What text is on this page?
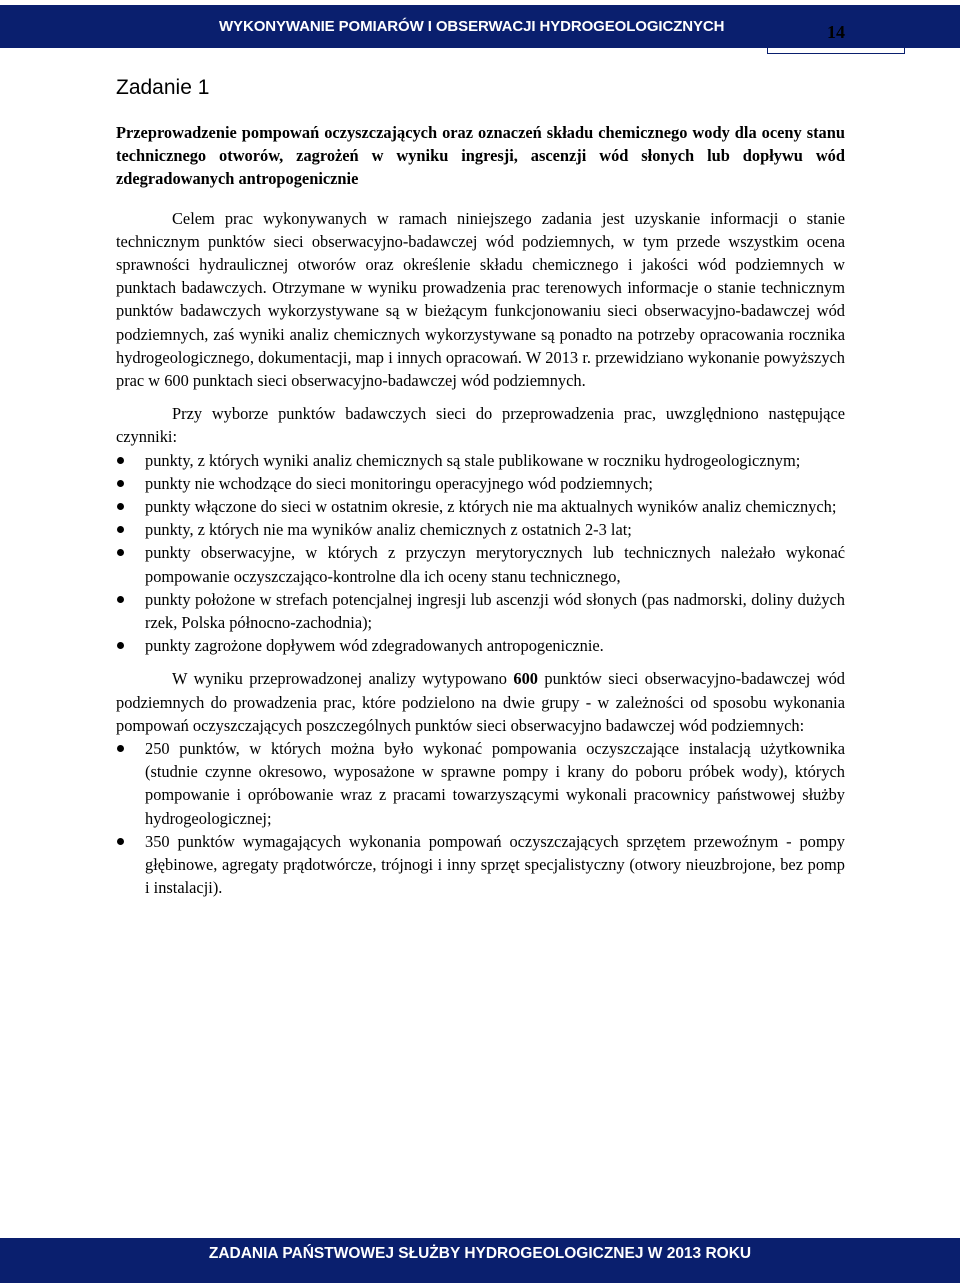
WYKONYWANIE POMIARÓW I OBSERWACJI HYDROGEOLOGICZNYCH	14
Zadanie 1

Przeprowadzenie pompowań oczyszczających oraz oznaczeń składu chemicznego wody dla oceny stanu technicznego otworów, zagrożeń w wyniku ingresji, ascenzji wód słonych lub dopływu wód zdegradowanych antropogenicznie

Celem prac wykonywanych w ramach niniejszego zadania jest uzyskanie informacji o stanie technicznym punktów sieci obserwacyjno-badawczej wód podziemnych, w tym przede wszystkim ocena sprawności hydraulicznej otworów oraz określenie składu chemicznego i jakości wód podziemnych w punktach badawczych. Otrzymane w wyniku prowadzenia prac terenowych informacje o stanie technicznym punktów badawczych wykorzystywane są w bieżącym funkcjonowaniu sieci obserwacyjno-badawczej wód podziemnych, zaś wyniki analiz chemicznych wykorzystywane są ponadto na potrzeby opracowania rocznika hydrogeologicznego, dokumentacji, map i innych opracowań. W 2013 r. przewidziano wykonanie powyższych prac w 600 punktach sieci obserwacyjno-badawczej wód podziemnych.

Przy wyborze punktów badawczych sieci do przeprowadzenia prac, uwzględniono następujące czynniki:

punkty, z których wyniki analiz chemicznych są stale publikowane w roczniku hydrogeologicznym;
punkty nie wchodzące do sieci monitoringu operacyjnego wód podziemnych;
punkty włączone do sieci w ostatnim okresie, z których nie ma aktualnych wyników analiz chemicznych;
punkty, z których nie ma wyników analiz chemicznych z ostatnich 2-3 lat;
punkty obserwacyjne, w których z przyczyn merytorycznych lub technicznych należało wykonać pompowanie oczyszczająco-kontrolne dla ich oceny stanu technicznego,
punkty położone w strefach potencjalnej ingresji lub ascenzji wód słonych (pas nadmorski, doliny dużych rzek, Polska północno-zachodnia);
punkty zagrożone dopływem wód zdegradowanych antropogenicznie.

W wyniku przeprowadzonej analizy wytypowano 600 punktów sieci obserwacyjno-badawczej wód podziemnych do prowadzenia prac, które podzielono na dwie grupy - w zależności od sposobu wykonania pompowań oczyszczających poszczególnych punktów sieci obserwacyjno badawczej wód podziemnych:

250 punktów, w których można było wykonać pompowania oczyszczające instalacją użytkownika (studnie czynne okresowo, wyposażone w sprawne pompy i krany do poboru próbek wody), których pompowanie i opróbowanie wraz z pracami towarzyszącymi wykonali pracownicy państwowej służby hydrogeologicznej;
350 punktów wymagających wykonania pompowań oczyszczających sprzętem przewoźnym - pompy głębinowe, agregaty prądotwórcze, trójnogi i inny sprzęt specjalistyczny (otwory nieuzbrojone, bez pomp i instalacji).
ZADANIA PAŃSTWOWEJ SŁUŻBY HYDROGEOLOGICZNEJ W 2013 ROKU
